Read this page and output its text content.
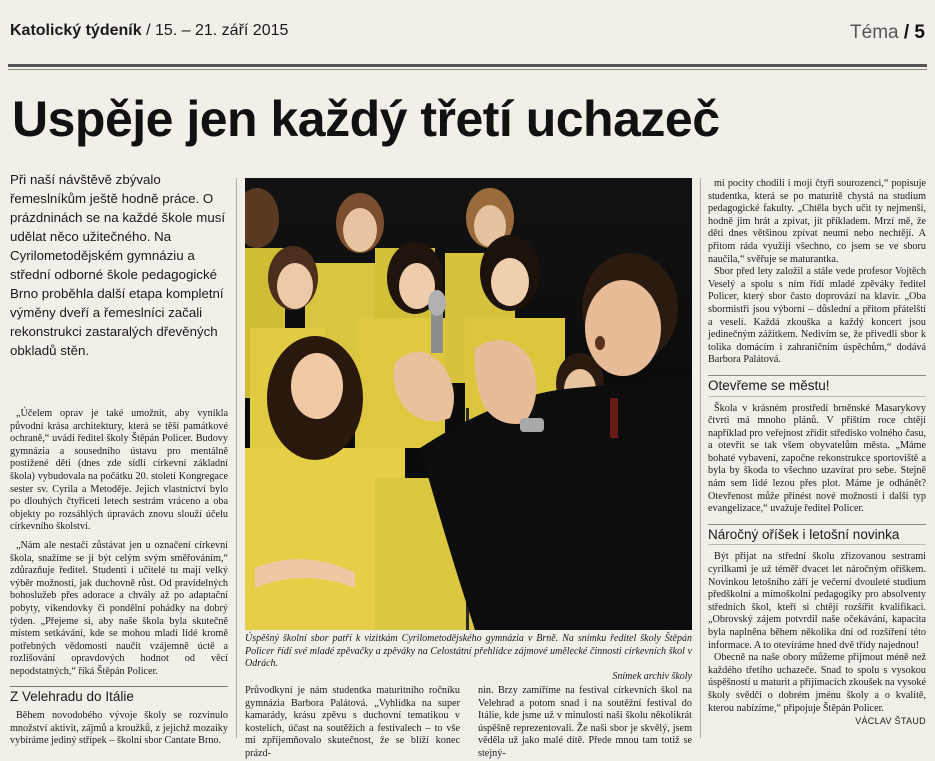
Katolický týdeník / 15. – 21. září 2015	Téma / 5
Uspěje jen každý třetí uchazeč
Při naší návštěvě zbývalo řemeslníkům ještě hodně práce. O prázdninách se na každé škole musí udělat něco užitečného. Na Cyrilometodějském gymnáziu a střední odborné škole pedagogické Brno proběhla další etapa kompletní výměny dveří a řemeslníci začali rekonstrukci zastaralých dřevěných obkladů stěn.

„Účelem oprav je také umožnit, aby vynikla původní krása architektury, která se těší památkové ochraně,“ uvádí ředitel školy Štěpán Policer. Budovy gymnázia a sousedního ústavu pro mentálně postižené děti (dnes zde sídlí církevní základní škola) vybudovala na počátku 20. století Kongregace sester sv. Cyrila a Metoděje. Jejich vlastnictví bylo po dlouhých čtyřiceti letech sestrám vráceno a oba objekty po rozsáhlých úpravách znovu slouží účelu církevního školství.

„Nám ale nestačí zůstávat jen u označení církevní škola, snažíme se ji být celým svým směřováním,“ zdůrazňuje ředitel. Studenti i učitelé tu mají velký výběr možností, jak duchovně růst. Od pravidelných bohoslužeb přes adorace a chvály až po adaptační pobyty, víkendovky či pondělní pohádky na dobrý týden. „Přejeme si, aby naše škola byla skutečně místem setkávání, kde se mohou mladí lidé kromě potřebných vědomostí naučit vzájemně úctě a rozlišování opravdových hodnot od věcí nepodstatných,“ říká Štěpán Policer.

Z Velehradu do Itálie

Během novodobého vývoje školy se rozvinulo množství aktivit, zájmů a kroužků, z jejichž mozaiky vybíráme jediný střípek – školní sbor Cantate Brno.

Úspěšný školní sbor patří k vizitkám Cyrilometodějského gymnázia v Brně. Na snímku ředitel školy Štěpán Policer řídí své mladé zpěvačky a zpěváky na Celostátní přehlídce zájmové umělecké činnosti církevních škol v Odrách.
Snímek archiv školy
Průvodkyní je nám studentka maturitního ročníku gymnázia Barbora Palátová. „Vyhlídka na super kamarády, krásu zpěvu s duchovní tematikou v kostelích, účast na soutěžích a festivalech – to vše mi zpříjemňovalo skutečnost, že se blíží konec prázd-
nin. Brzy zamíříme na festival církevních škol na Velehrad a potom snad i na soutěžní festival do Itálie, kde jsme už v minulosti naši školu několikrát úspěšně reprezentovali. Že naši sbor je skvělý, jsem věděla už jako malé dítě. Přede mnou tam totiž se stejný-

mi pocity chodili i moji čtyři sourozenci,“ popisuje studentka, která se po maturitě chystá na studium pedagogické fakulty. „Chtěla bych učit ty nejmenší, hodně jim hrát a zpívat, jít příkladem. Mrzí mě, že děti dnes většinou zpívat neumí nebo nechtějí. A přitom ráda využiji všechno, co jsem se ve sboru naučila,“ svěřuje se maturantka.

Sbor před lety založil a stále vede profesor Vojtěch Veselý a spolu s ním řídí mladé zpěváky ředitel Policer, který sbor často doprovází na klavír. „Oba sbormistři jsou výborní – důslední a přitom přátelští a veselí. Každá zkouška a každý koncert jsou jedinečným zážitkem. Nedivím se, že přivedli sbor k tolika domácím i zahraničním úspěchům,“ dodává Barbora Palátová.

Otevřeme se městu!

Škola v krásném prostředí brněnské Masarykovy čtvrti má mnoho plánů. V příštím roce chtějí například pro veřejnost zřídit středisko volného času, a otevřít se tak všem obyvatelům města. „Máme bohaté vybavení, započne rekonstrukce sportoviště a byla by škoda to všechno uzavírat pro sebe. Stejně nám sem lidé lezou přes plot. Máme je odhánět? Otevřenost může přinést nové možnosti i další typ evangelizace,“ uvažuje ředitel Policer.

Náročný oříšek i letošní novinka

Být přijat na střední školu zřizovanou sestrami cyrilkami je už téměř dvacet let náročným oříškem. Novinkou letošního září je večerní dvouleté studium předškolní a mimoškolní pedagogiky pro absolventy středních škol, kteří si chtějí rozšířit kvalifikaci. „Obrovský zájem potvrdil naše očekávání, kapacita byla naplněna během několika dní od rozšíření této informace. A to otevíráme hned dvě třídy najednou!

Obecně na naše obory můžeme přijmout méně než každého třetího uchazeče. Snad to spolu s vysokou úspěšností u maturit a přijímacích zkoušek na vysoké školy svědčí o dobrém jménu školy a o kvalitě, kterou nabízíme,“ připojuje Štěpán Policer.

VÁCLAV ŠTAUD
